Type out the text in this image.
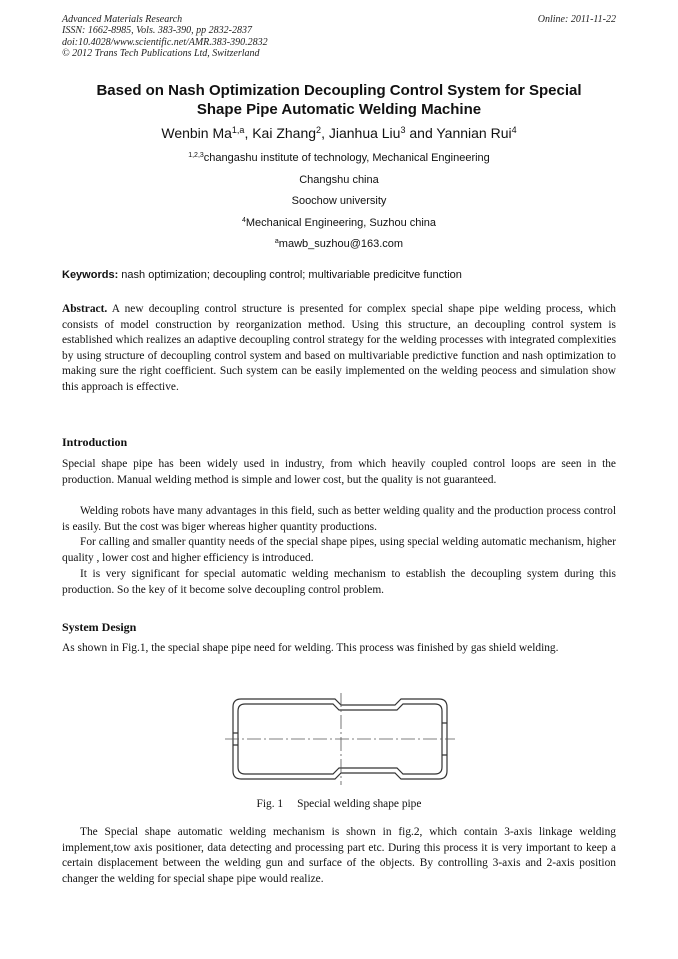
Advanced Materials Research
ISSN: 1662-8985, Vols. 383-390, pp 2832-2837
doi:10.4028/www.scientific.net/AMR.383-390.2832
© 2012 Trans Tech Publications Ltd, Switzerland
Online: 2011-11-22
Based on Nash Optimization Decoupling Control System for Special
Shape Pipe Automatic Welding Machine
Wenbin Ma$^{1,a}$, Kai Zhang$^2$, Jianhua Liu$^3$ and Yannian Rui$^4$
$^{1,2,3}$changashu institute of technology, Mechanical Engineering
Changshu china
Soochow university
$^4$Mechanical Engineering, Suzhou china
$^a$mawb_suzhou@163.com
Keywords: nash optimization; decoupling control; multivariable predicitve function

Abstract. A new decoupling control structure is presented for complex special shape pipe welding process, which consists of model construction by reorganization method. Using this structure, an decoupling control system is established which realizes an adaptive decoupling control strategy for the welding processes with integrated complexities by using structure of decoupling control system and based on multivariable predictive function and nash optimization to making sure the right coefficient. Such system can be easily implemented on the welding peocess and simulation show this approach is effective.

Introduction

Special shape pipe has been widely used in industry, from which heavily coupled control loops are seen in the production. Manual welding method is simple and lower cost, but the quality is not guaranteed.

Welding robots have many advantages in this field, such as better welding quality and the production process control is easily. But the cost was biger whereas higher quantity productions.

For calling and smaller quantity needs of the special shape pipes, using special welding automatic mechanism, higher quality , lower cost and higher efficiency is introduced.

It is very significant for special automatic welding mechanism to establish the decoupling system during this production. So the key of it become solve decoupling control problem.

System Design

As shown in Fig.1, the special shape pipe need for welding. This process was finished by gas shield welding.

Fig. 1 Special welding shape pipe

The Special shape automatic welding mechanism is shown in fig.2, which contain 3-axis linkage welding implement,tow axis positioner, data detecting and processing part etc. During this process it is very important to keep a certain displacement between the welding gun and surface of the objects. By controlling 3-axis and 2-axis position changer the welding for special shape pipe would realize.
